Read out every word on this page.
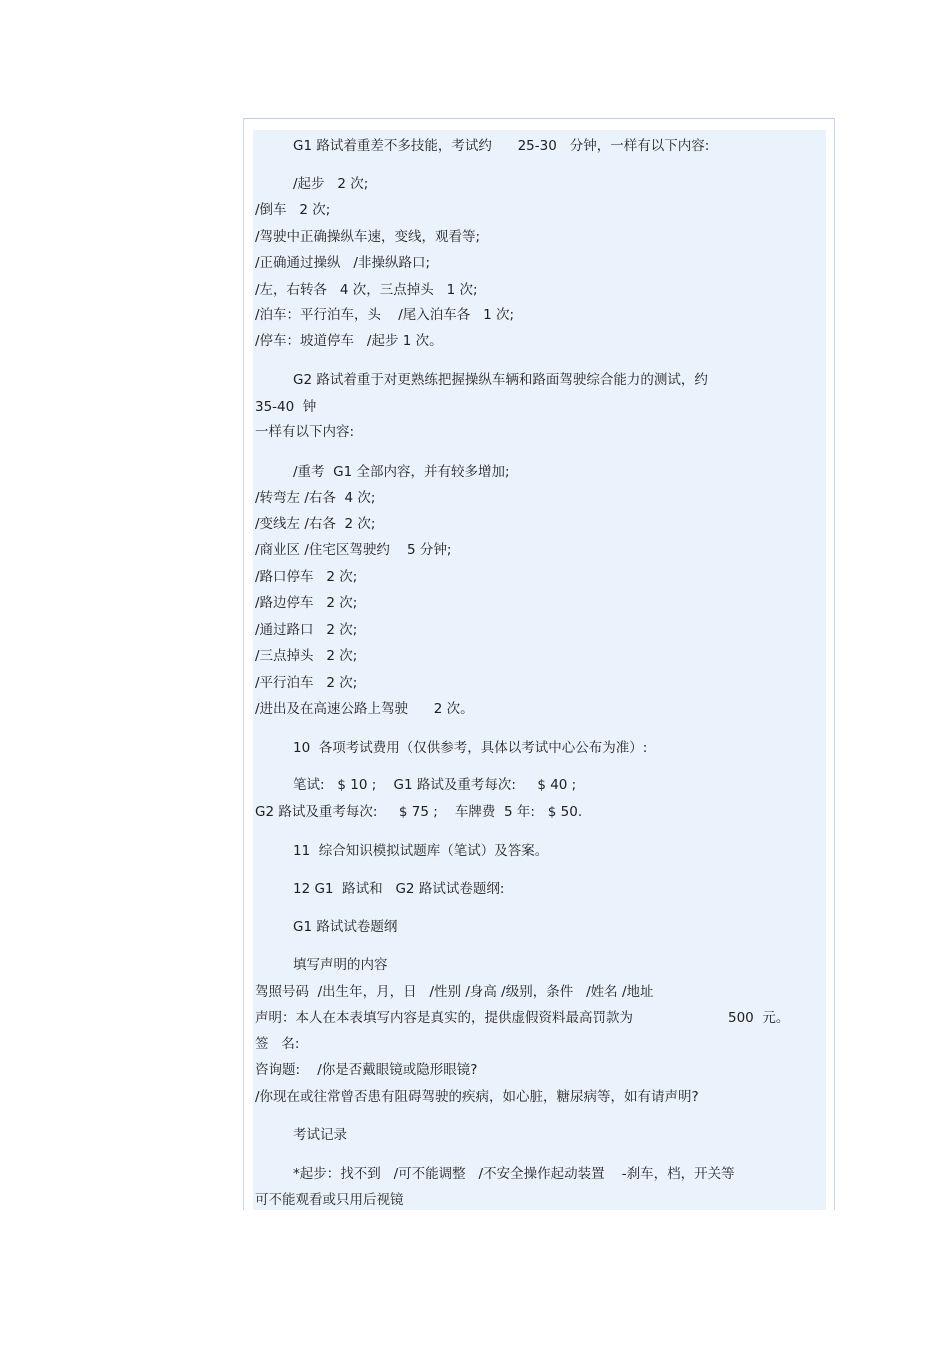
G1 路试着重差不多技能，考试约      25-30   分钟，一样有以下内容:
/起步   2 次;
/倒车   2 次;
/驾驶中正确操纵车速，变线，观看等;
/正确通过操纵   /非操纵路口;
/左，右转各   4 次，三点掉头   1 次;
/泊车：平行泊车，头    /尾入泊车各   1 次;
/停车：坡道停车   /起步 1 次。
G2 路试着重于对更熟练把握操纵车辆和路面驾驶综合能力的测试，约
35-40  钟
一样有以下内容:
/重考  G1 全部内容，并有较多增加;
/转弯左 /右各  4 次;
/变线左 /右各  2 次;
/商业区 /住宅区驾驶约    5 分钟;
/路口停车   2 次;
/路边停车   2 次;
/通过路口   2 次;
/三点掉头   2 次;
/平行泊车   2 次;
/进出及在高速公路上驾驶      2 次。
10  各项考试费用（仅供参考，具体以考试中心公布为准）:
笔试:   $ 10 ;    G1 路试及重考每次:     $ 40 ;
G2 路试及重考每次:     $ 75 ;    车牌费  5 年:   $ 50.
11  综合知识模拟试题库（笔试）及答案。
12 G1  路试和   G2 路试试卷题纲:
G1 路试试卷题纲
填写声明的内容
驾照号码  /出生年，月，日   /性别 /身高 /级别，条件   /姓名 /地址
声明：本人在本表填写内容是真实的，提供虚假资料最高罚款为	500  元。
签   名:
咨询题:    /你是否戴眼镜或隐形眼镜?
/你现在或往常曾否患有阻碍驾驶的疾病，如心脏，糖尿病等，如有请声明?
考试记录
*起步：找不到   /可不能调整   /不安全操作起动装置    -刹车，档，开关等
可不能观看或只用后视镜
